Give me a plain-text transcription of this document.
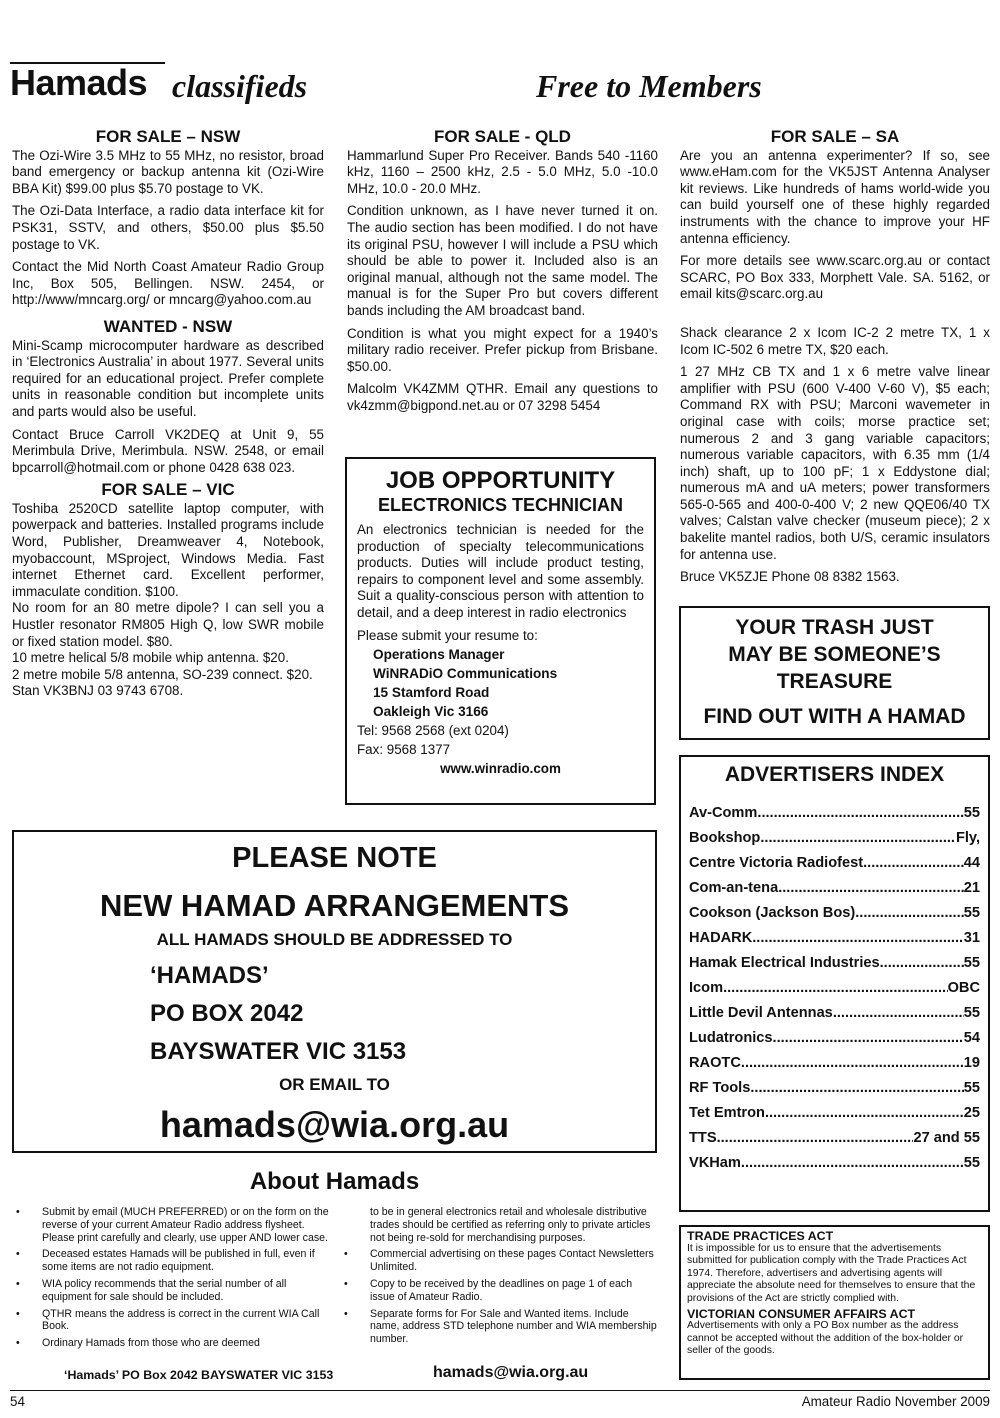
Hamads classifieds	Free to Members
FOR SALE – NSW

The Ozi-Wire 3.5 MHz to 55 MHz, no resistor, broad band emergency or backup antenna kit (Ozi-Wire BBA Kit) $99.00 plus $5.70 postage to VK.

The Ozi-Data Interface, a radio data interface kit for PSK31, SSTV, and others, $50.00 plus $5.50 postage to VK.

Contact the Mid North Coast Amateur Radio Group Inc, Box 505, Bellingen. NSW. 2454, or http://www/mncarg.org/ or mncarg@yahoo.com.au

WANTED - NSW

Mini-Scamp microcomputer hardware as described in ‘Electronics Australia’ in about 1977. Several units required for an educational project. Prefer complete units in reasonable condition but incomplete units and parts would also be useful.

Contact Bruce Carroll VK2DEQ at Unit 9, 55 Merimbula Drive, Merimbula. NSW. 2548, or email bpcarroll@hotmail.com or phone 0428 638 023.

FOR SALE – VIC

Toshiba 2520CD satellite laptop computer, with powerpack and batteries. Installed programs include Word, Publisher, Dreamweaver 4, Notebook, myobaccount, MSproject, Windows Media. Fast internet Ethernet card. Excellent performer, immaculate condition. $100.

No room for an 80 metre dipole? I can sell you a Hustler resonator RM805 High Q, low SWR mobile or fixed station model. $80.

10 metre helical 5/8 mobile whip antenna. $20.

2 metre mobile 5/8 antenna, SO-239 connect. $20.

Stan VK3BNJ 03 9743 6708.

FOR SALE - QLD

Hammarlund Super Pro Receiver. Bands 540 -1160 kHz, 1160 – 2500 kHz, 2.5 - 5.0 MHz, 5.0 -10.0 MHz, 10.0 - 20.0 MHz.

Condition unknown, as I have never turned it on. The audio section has been modified. I do not have its original PSU, however I will include a PSU which should be able to power it. Included also is an original manual, although not the same model. The manual is for the Super Pro but covers different bands including the AM broadcast band.

Condition is what you might expect for a 1940’s military radio receiver. Prefer pickup from Brisbane. $50.00.

Malcolm VK4ZMM QTHR. Email any questions to vk4zmm@bigpond.net.au or 07 3298 5454

JOB OPPORTUNITY
ELECTRONICS TECHNICIAN

An electronics technician is needed for the production of specialty telecommunications products. Duties will include product testing, repairs to component level and some assembly. Suit a quality-conscious person with attention to detail, and a deep interest in radio electronics

Please submit your resume to:
Operations Manager
WiNRADiO Communications
15 Stamford Road
Oakleigh Vic 3166
Tel: 9568 2568 (ext 0204)
Fax: 9568 1377
www.winradio.com
FOR SALE – SA

Are you an antenna experimenter? If so, see www.eHam.com for the VK5JST Antenna Analyser kit reviews. Like hundreds of hams world-wide you can build yourself one of these highly regarded instruments with the chance to improve your HF antenna efficiency.

For more details see www.scarc.org.au or contact SCARC, PO Box 333, Morphett Vale. SA. 5162, or email kits@scarc.org.au

Shack clearance 2 x Icom IC-2 2 metre TX, 1 x Icom IC-502 6 metre TX, $20 each.

1 27 MHz CB TX and 1 x 6 metre valve linear amplifier with PSU (600 V-400 V-60 V), $5 each; Command RX with PSU; Marconi wavemeter in original case with coils; morse practice set; numerous 2 and 3 gang variable capacitors; numerous variable capacitors, with 6.35 mm (1/4 inch) shaft, up to 100 pF; 1 x Eddystone dial; numerous mA and uA meters; power transformers 565-0-565 and 400-0-400 V; 2 new QQE06/40 TX valves; Calstan valve checker (museum piece); 2 x bakelite mantel radios, both U/S, ceramic insulators for antenna use.

Bruce VK5ZJE Phone 08 8382 1563.

YOUR TRASH JUST
MAY BE SOMEONE’S
TREASURE
FIND OUT WITH A HAMAD
ADVERTISERS INDEX
Av-Comm .....	55
Bookshop .....	Fly,
Centre Victoria Radiofest .....	44
Com-an-tena .....	21
Cookson (Jackson Bos) .....	55
HADARK .....	31
Hamak Electrical Industries .....	55
Icom .....	OBC
Little Devil Antennas .....	55
Ludatronics .....	54
RAOTC .....	19
RF Tools .....	55
Tet Emtron .....	25
TTS .....	27 and 55
VKHam .....	55
PLEASE NOTE
NEW HAMAD ARRANGEMENTS
ALL HAMADS SHOULD BE ADDRESSED TO
‘HAMADS’
PO BOX 2042
BAYSWATER VIC 3153
OR EMAIL TO
hamads@wia.org.au
About Hamads
• Submit by email (MUCH PREFERRED) or on the form on the reverse of your current Amateur Radio address flysheet. Please print carefully and clearly, use upper AND lower case.
• Deceased estates Hamads will be published in full, even if some items are not radio equipment.
• WIA policy recommends that the serial number of all equipment for sale should be included.
• QTHR means the address is correct in the current WIA Call Book.
• Ordinary Hamads from those who are deemed
to be in general electronics retail and wholesale distributive trades should be certified as referring only to private articles not being re-sold for merchandising purposes.
• Commercial advertising on these pages Contact Newsletters Unlimited.
• Copy to be received by the deadlines on page 1 of each issue of Amateur Radio.
• Separate forms for For Sale and Wanted items. Include name, address STD telephone number and WIA membership number.
‘Hamads’ PO Box 2042 BAYSWATER VIC 3153	hamads@wia.org.au
TRADE PRACTICES ACT
It is impossible for us to ensure that the advertisements submitted for publication comply with the Trade Practices Act 1974. Therefore, advertisers and advertising agents will appreciate the absolute need for themselves to ensure that the provisions of the Act are strictly complied with.
VICTORIAN CONSUMER AFFAIRS ACT
Advertisements with only a PO Box number as the address cannot be accepted without the addition of the box-holder or seller of the goods.
54	Amateur Radio November 2009
